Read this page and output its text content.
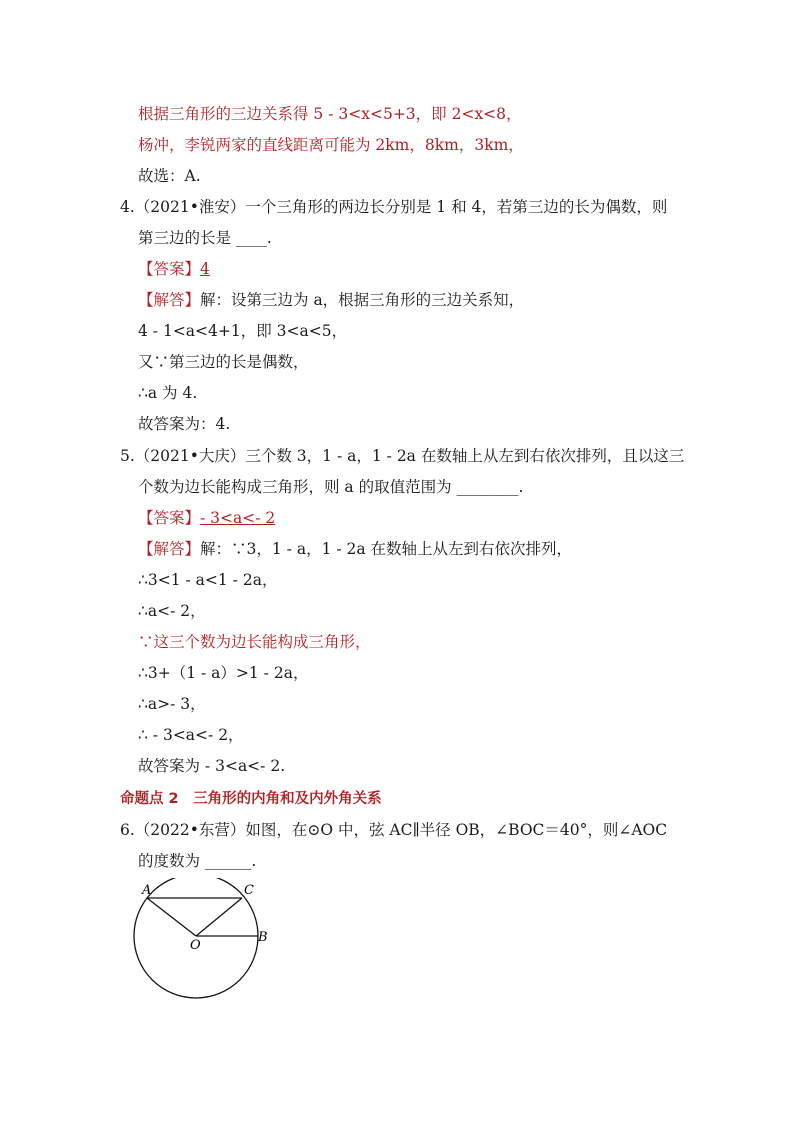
根据三角形的三边关系得 5 - 3<x<5+3，即 2<x<8，
杨冲，李锐两家的直线距离可能为 2km，8km，3km，
故选：A.
4.（2021•淮安）一个三角形的两边长分别是 1 和 4，若第三边的长为偶数，则
第三边的长是 ____.
【答案】4
【解答】解：设第三边为 a，根据三角形的三边关系知，
4 - 1<a<4+1，即 3<a<5，
又∵第三边的长是偶数，
∴a 为 4.
故答案为：4.
5.（2021•大庆）三个数 3，1 - a，1 - 2a 在数轴上从左到右依次排列，且以这三
个数为边长能构成三角形，则 a 的取值范围为 ________.
【答案】- 3<a<- 2
【解答】解：∵3，1 - a，1 - 2a 在数轴上从左到右依次排列，
∴3<1 - a<1 - 2a，
∴a<- 2，
∵这三个数为边长能构成三角形，
∴3+（1 - a）>1 - 2a，
∴a>- 3，
∴ - 3<a<- 2，
故答案为 - 3<a<- 2.
命题点 2　三角形的内角和及内外角关系
6.（2022•东营）如图，在⊙O 中，弦 AC∥半径 OB，∠BOC＝40°，则∠AOC
的度数为 ______.
A	C
O
B
